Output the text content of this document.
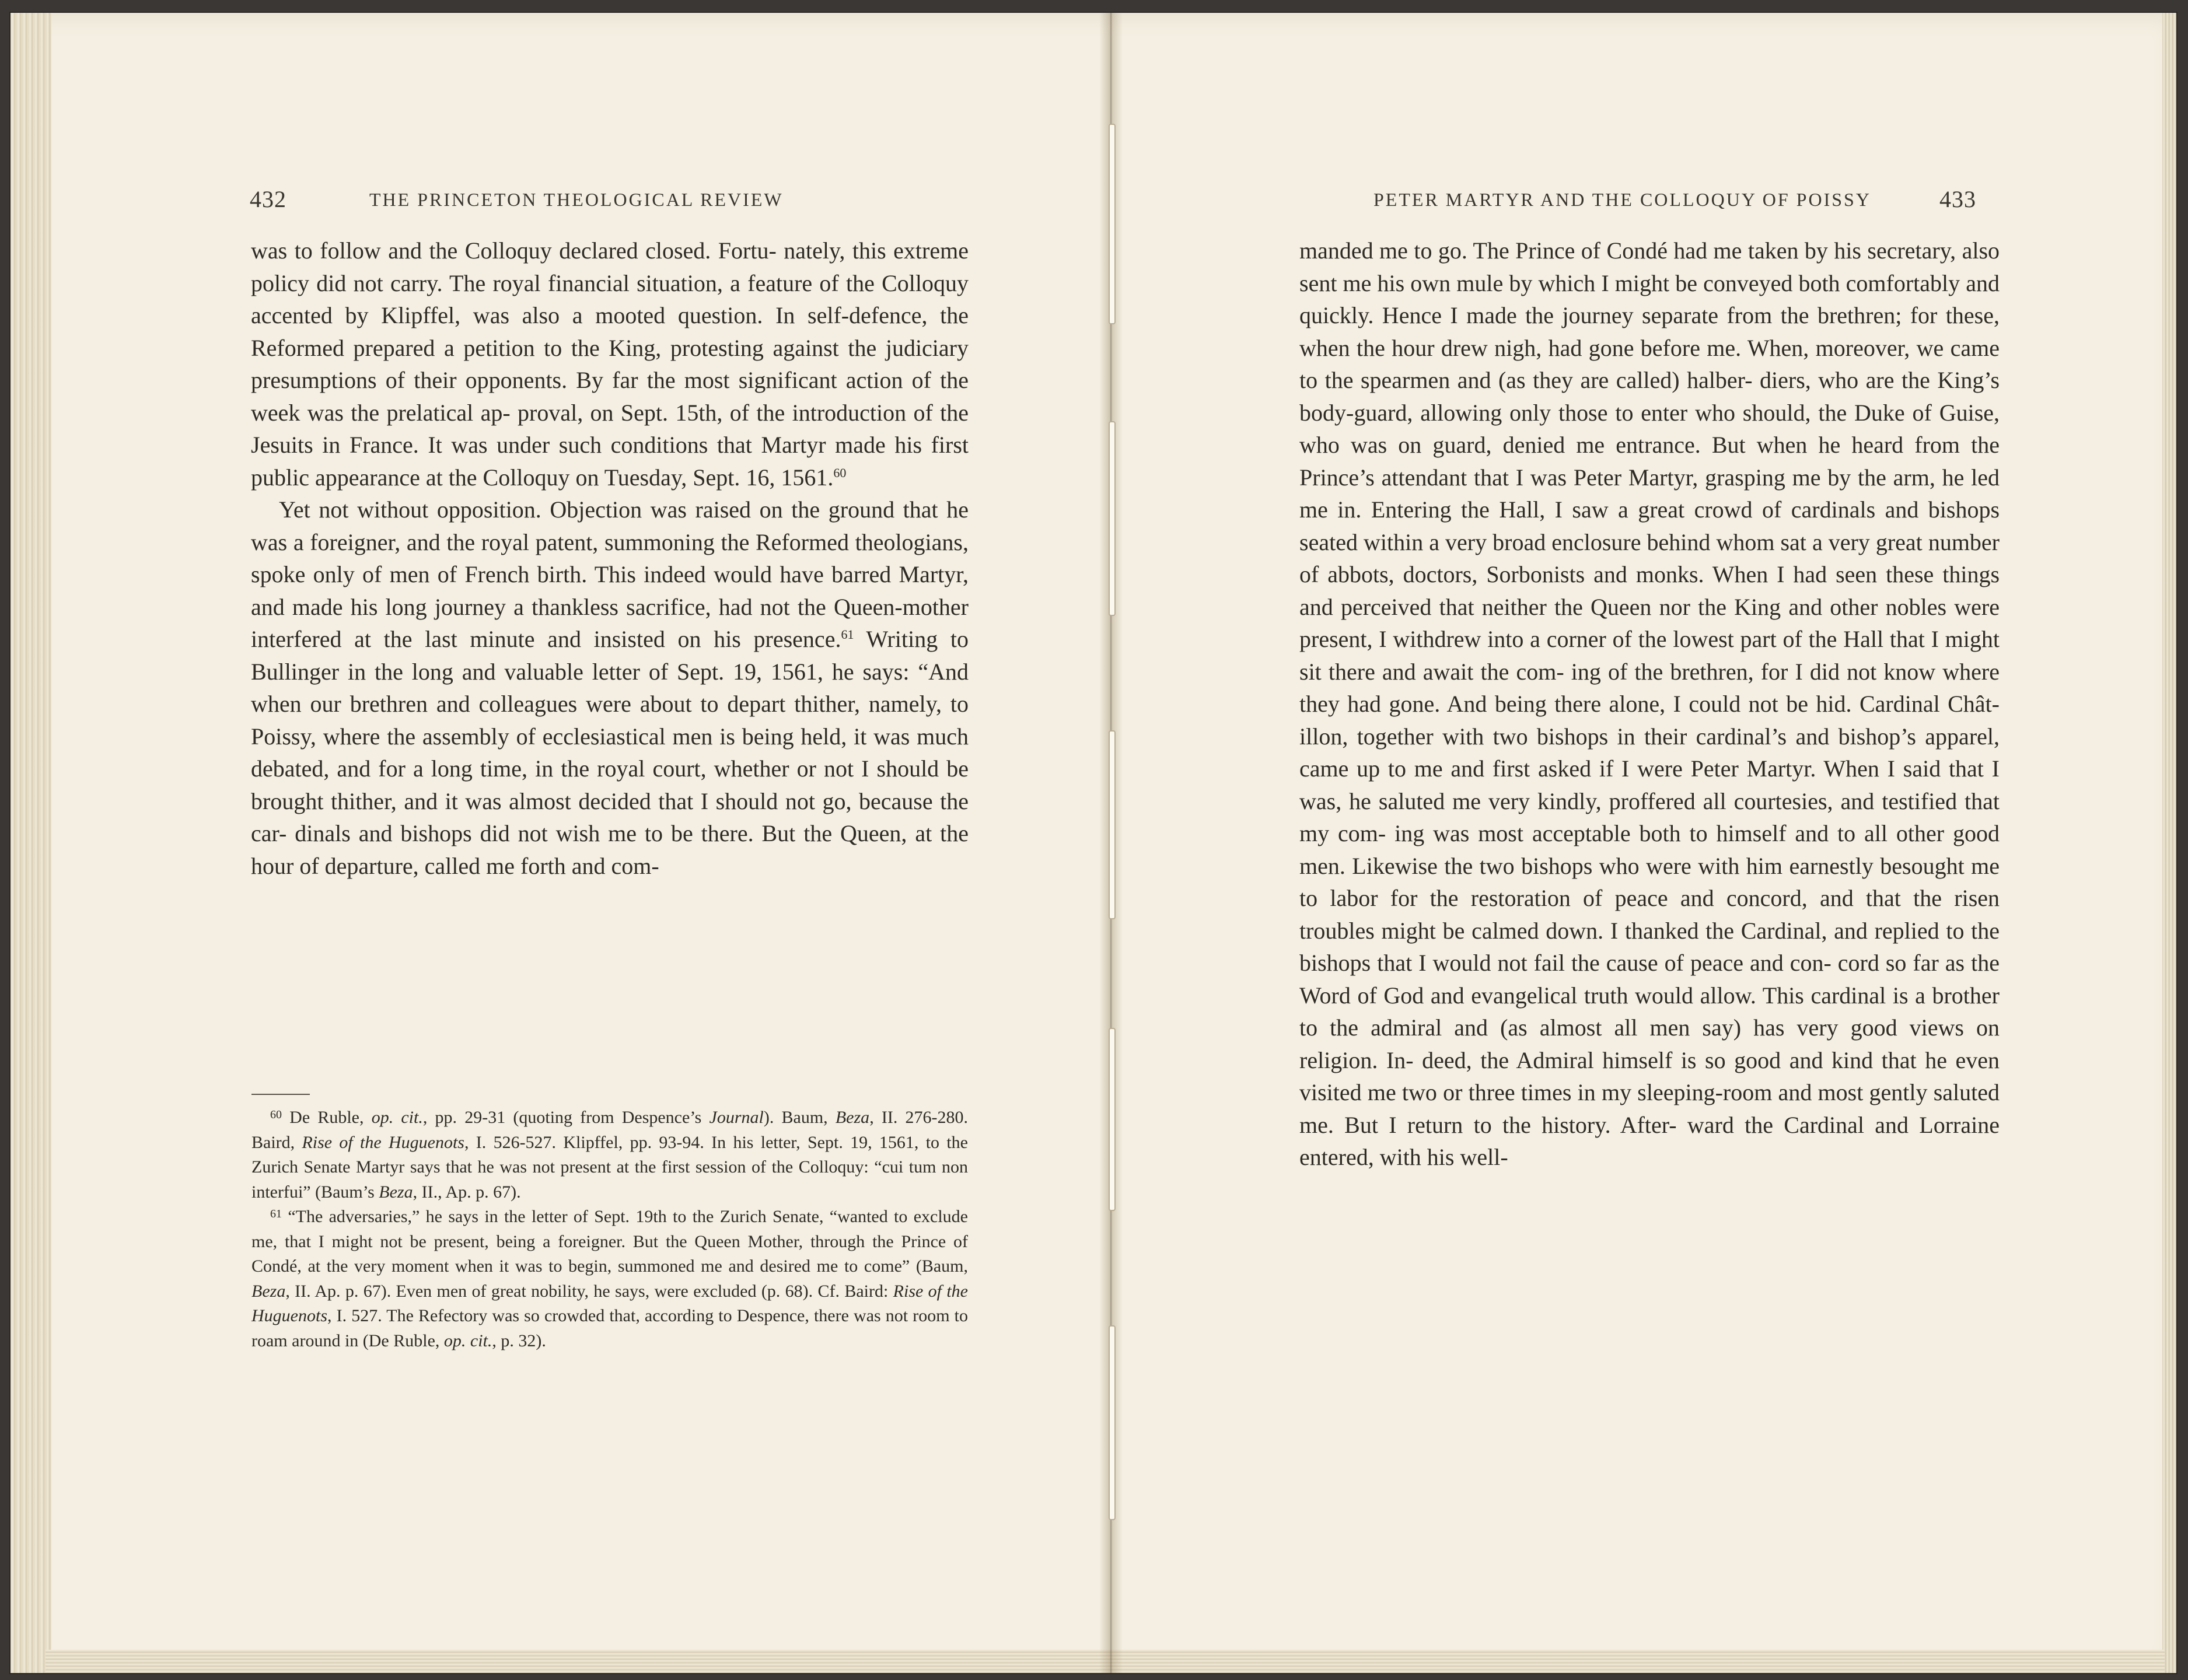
432	THE PRINCETON THEOLOGICAL REVIEW

was to follow and the Colloquy declared closed. Fortu- nately, this extreme policy did not carry. The royal financial situation, a feature of the Colloquy accented by Klipffel, was also a mooted question. In self-defence, the Reformed prepared a petition to the King, protesting against the judiciary presumptions of their opponents. By far the most significant action of the week was the prelatical ap- proval, on Sept. 15th, of the introduction of the Jesuits in France. It was under such conditions that Martyr made his first public appearance at the Colloquy on Tuesday, Sept. 16, 1561.60

Yet not without opposition. Objection was raised on the ground that he was a foreigner, and the royal patent, summoning the Reformed theologians, spoke only of men of French birth. This indeed would have barred Martyr, and made his long journey a thankless sacrifice, had not the Queen-mother interfered at the last minute and insisted on his presence.$^{61}$ Writing to Bullinger in the long and valuable letter of Sept. 19, 1561, he says: “And when our brethren and colleagues were about to depart thither, namely, to Poissy, where the assembly of ecclesiastical men is being held, it was much debated, and for a long time, in the royal court, whether or not I should be brought thither, and it was almost decided that I should not go, because the car- dinals and bishops did not wish me to be there. But the Queen, at the hour of departure, called me forth and com-

$^{60}$ De Ruble, op. cit., pp. 29-31 (quoting from Despence’s Journal). Baum, Beza, II. 276-280. Baird, Rise of the Huguenots, I. 526-527. Klipffel, pp. 93-94. In his letter, Sept. 19, 1561, to the Zurich Senate Martyr says that he was not present at the first session of the Colloquy: “cui tum non interfui” (Baum’s Beza, II., Ap. p. 67).

$^{61}$ “The adversaries,” he says in the letter of Sept. 19th to the Zurich Senate, “wanted to exclude me, that I might not be present, being a foreigner. But the Queen Mother, through the Prince of Condé, at the very moment when it was to begin, summoned me and desired me to come” (Baum, Beza, II. Ap. p. 67). Even men of great nobility, he says, were excluded (p. 68). Cf. Baird: Rise of the Huguenots, I. 527. The Refectory was so crowded that, according to Despence, there was not room to roam around in (De Ruble, op. cit., p. 32).

PETER MARTYR AND THE COLLOQUY OF POISSY	433

manded me to go. The Prince of Condé had me taken by his secretary, also sent me his own mule by which I might be conveyed both comfortably and quickly. Hence I made the journey separate from the brethren; for these, when the hour drew nigh, had gone before me. When, moreover, we came to the spearmen and (as they are called) halber- diers, who are the King’s body-guard, allowing only those to enter who should, the Duke of Guise, who was on guard, denied me entrance. But when he heard from the Prince’s attendant that I was Peter Martyr, grasping me by the arm, he led me in. Entering the Hall, I saw a great crowd of cardinals and bishops seated within a very broad enclosure behind whom sat a very great number of abbots, doctors, Sorbonists and monks. When I had seen these things and perceived that neither the Queen nor the King and other nobles were present, I withdrew into a corner of the lowest part of the Hall that I might sit there and await the com- ing of the brethren, for I did not know where they had gone. And being there alone, I could not be hid. Cardinal Chât- illon, together with two bishops in their cardinal’s and bishop’s apparel, came up to me and first asked if I were Peter Martyr. When I said that I was, he saluted me very kindly, proffered all courtesies, and testified that my com- ing was most acceptable both to himself and to all other good men. Likewise the two bishops who were with him earnestly besought me to labor for the restoration of peace and concord, and that the risen troubles might be calmed down. I thanked the Cardinal, and replied to the bishops that I would not fail the cause of peace and con- cord so far as the Word of God and evangelical truth would allow. This cardinal is a brother to the admiral and (as almost all men say) has very good views on religion. In- deed, the Admiral himself is so good and kind that he even visited me two or three times in my sleeping-room and most gently saluted me. But I return to the history. After- ward the Cardinal and Lorraine entered, with his well-
